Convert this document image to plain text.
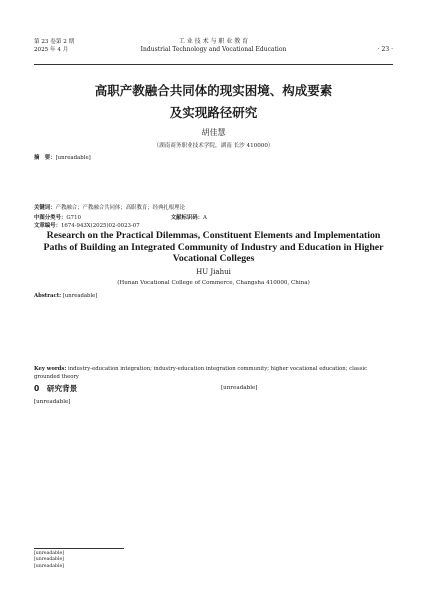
第 23 卷第 2 期
2025 年 4 月
工 业 技 术 与 职 业 教 育
Industrial Technology and Vocational Education	· 23 ·
高职产教融合共同体的现实困境、构成要素
及实现路径研究
胡佳慧
（湖南商务职业技术学院，湖南 长沙 410000）
摘　要：[unreadable]
关键词：产教融合；产教融合共同体；高职教育；经典扎根理论
中图分类号：G710	文献标识码：A 文章编号：1674-943X(2025)02-0023-07
Research on the Practical Dilemmas, Constituent Elements and Implementation Paths of Building an Integrated Community of Industry and Education in Higher Vocational Colleges
HU Jiahui
(Hunan Vocational College of Commerce, Changsha 410000, China)
Abstract: [unreadable]
Key words: industry-education integration; industry-education integration community; higher vocational education; classic grounded theory
0　研究背景
[unreadable]
[unreadable]
[unreadable]
[unreadable]
[unreadable]
